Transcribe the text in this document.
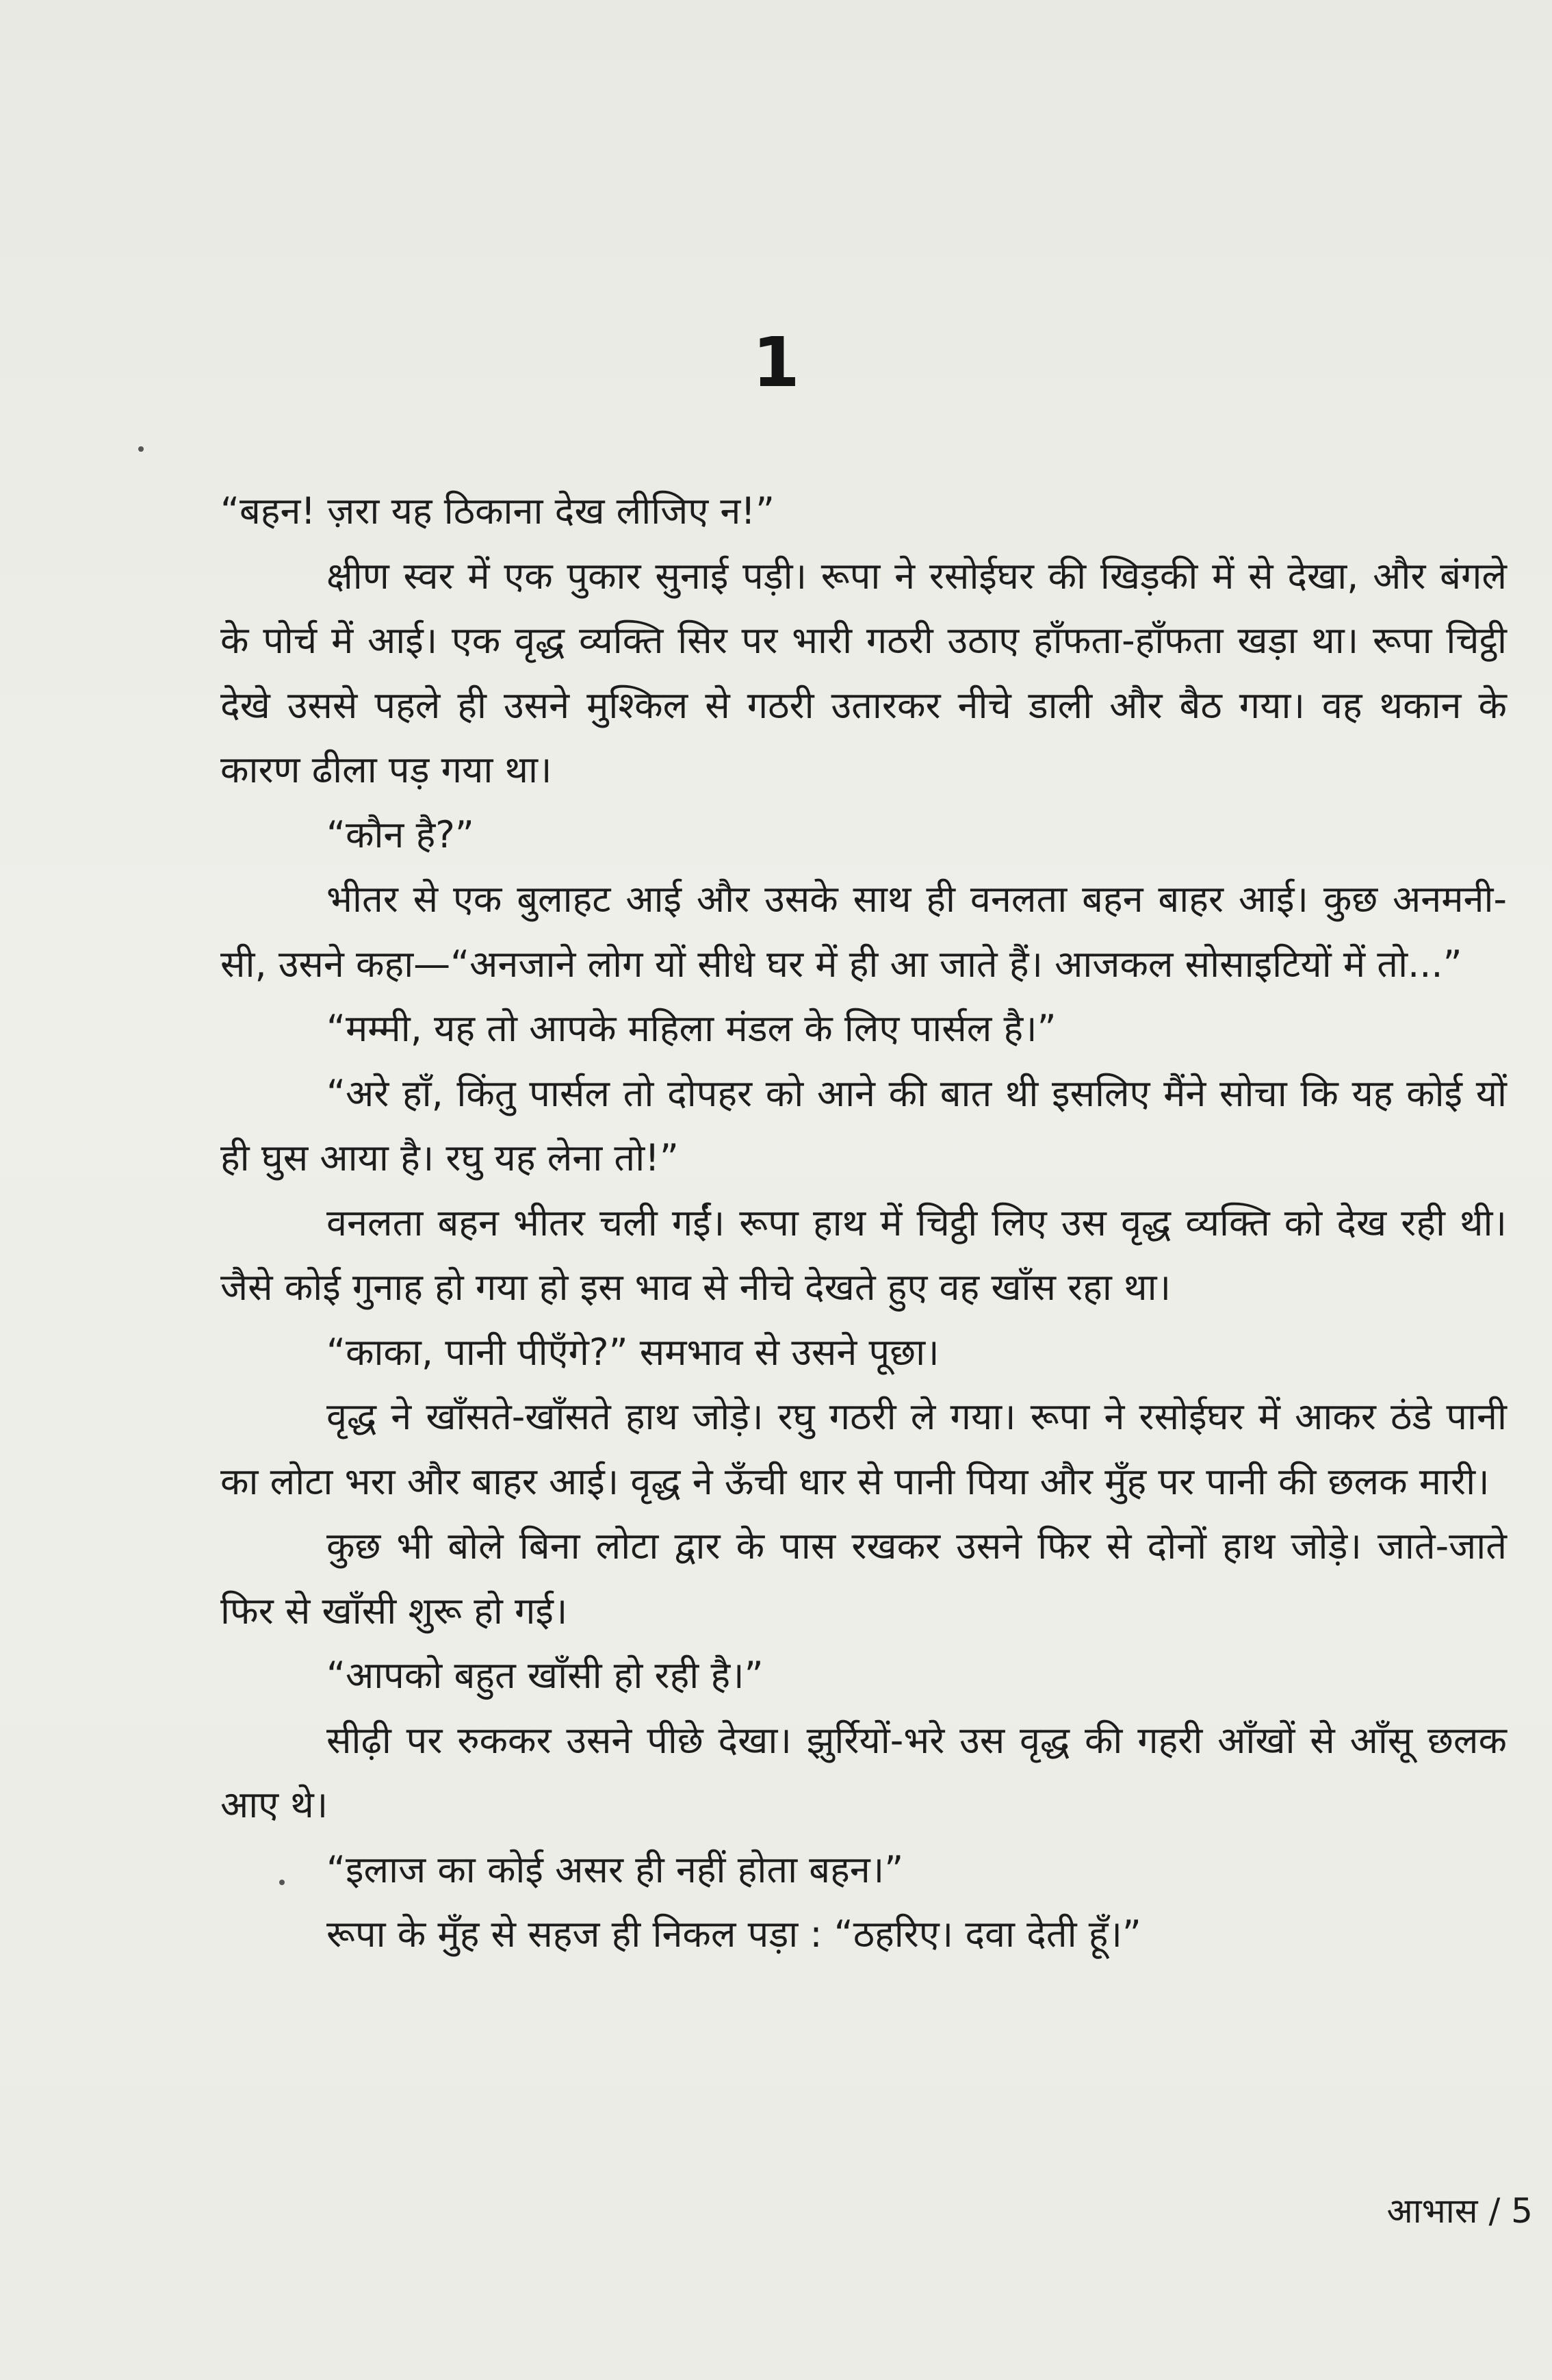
1

“बहन! ज़रा यह ठिकाना देख लीजिए न!”

क्षीण स्वर में एक पुकार सुनाई पड़ी। रूपा ने रसोईघर की खिड़की में से देखा, और बंगले के पोर्च में आई। एक वृद्ध व्यक्ति सिर पर भारी गठरी उठाए हाँफता-हाँफता खड़ा था। रूपा चिट्ठी देखे उससे पहले ही उसने मुश्किल से गठरी उतारकर नीचे डाली और बैठ गया। वह थकान के कारण ढीला पड़ गया था।

“कौन है?”

भीतर से एक बुलाहट आई और उसके साथ ही वनलता बहन बाहर आई। कुछ अनमनी-सी, उसने कहा—“अनजाने लोग यों सीधे घर में ही आ जाते हैं। आजकल सोसाइटियों में तो...”

“मम्मी, यह तो आपके महिला मंडल के लिए पार्सल है।”

“अरे हाँ, किंतु पार्सल तो दोपहर को आने की बात थी इसलिए मैंने सोचा कि यह कोई यों ही घुस आया है। रघु यह लेना तो!”

वनलता बहन भीतर चली गईं। रूपा हाथ में चिट्ठी लिए उस वृद्ध व्यक्ति को देख रही थी। जैसे कोई गुनाह हो गया हो इस भाव से नीचे देखते हुए वह खाँस रहा था।

“काका, पानी पीएँगे?” समभाव से उसने पूछा।

वृद्ध ने खाँसते-खाँसते हाथ जोड़े। रघु गठरी ले गया। रूपा ने रसोईघर में आकर ठंडे पानी का लोटा भरा और बाहर आई। वृद्ध ने ऊँची धार से पानी पिया और मुँह पर पानी की छलक मारी।

कुछ भी बोले बिना लोटा द्वार के पास रखकर उसने फिर से दोनों हाथ जोड़े। जाते-जाते फिर से खाँसी शुरू हो गई।

“आपको बहुत खाँसी हो रही है।”

सीढ़ी पर रुककर उसने पीछे देखा। झुर्रियों-भरे उस वृद्ध की गहरी आँखों से आँसू छलक आए थे।

“इलाज का कोई असर ही नहीं होता बहन।”

रूपा के मुँह से सहज ही निकल पड़ा : “ठहरिए। दवा देती हूँ।”

आभास / 5
